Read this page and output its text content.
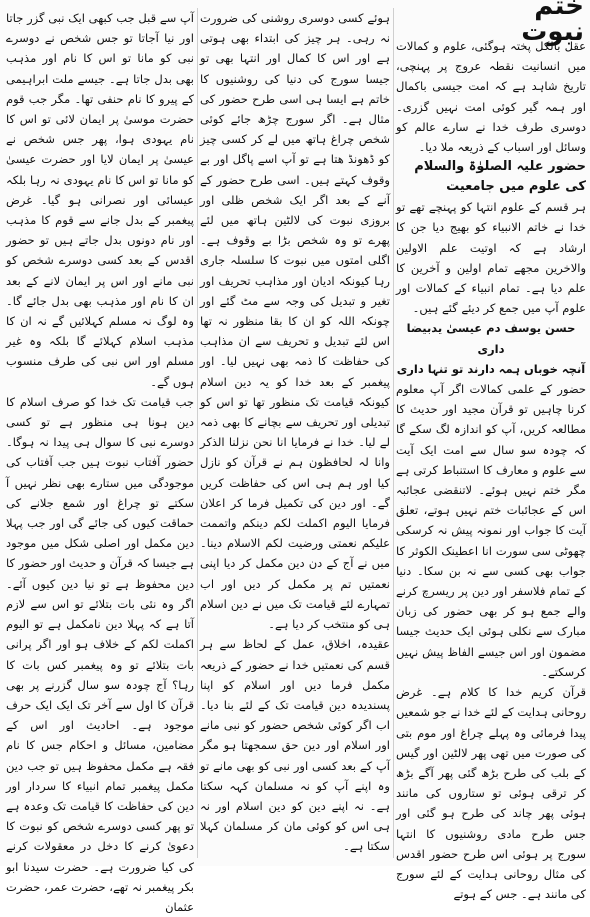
ختم نبوت

عقل بالکل پختہ ہوگئی، علوم و کمالات میں انسانیت نقطہ عروج پر پہنچی، تاریخ شاہد ہے کہ امت جیسی باکمال اور ہمہ گیر کوئی امت نہیں گزری۔ دوسری طرف خدا نے سارے عالم کو وسائل اور اسباب کے ذریعہ ملا دیا۔

حضور علیہ الصلوٰۃ والسلام کی علوم میں جامعیت

ہر قسم کے علوم انتہا کو پہنچے تھے تو خدا نے خاتم الانبیاء کو بھیج دیا جن کا ارشاد ہے کہ اوتیت علم الاولین والاخرین مجھے تمام اولین و آخرین کا علم دیا ہے۔ تمام انبیاء کے کمالات اور علوم آپ میں جمع کر دیئے گئے ہیں۔

حسن یوسف دم عیسیٰ یدبیضا داری

آنچہ خوباں ہمہ دارند تو تنہا داری

حضور کے علمی کمالات اگر آپ معلوم کرنا چاہیں تو قرآن مجید اور حدیث کا مطالعہ کریں، آپ کو اندازہ لگ سکے گا کہ چودہ سو سال سے امت ایک آیت سے علوم و معارف کا استنباط کرتی ہے مگر ختم نہیں ہوئے۔ لاتنقضی عجائبہ اس کے عجائبات ختم نہیں ہوتے، تعلق آیت کا جواب اور نمونہ پیش نہ کرسکی چھوٹی سی سورت انا اعطینک الکوثر کا جواب بھی کسی سے نہ بن سکا۔ دنیا کے تمام فلاسفر اور دین پر ریسرچ کرنے والے جمع ہو کر بھی حضور کی زبان مبارک سے نکلی ہوئی ایک حدیث جیسا مضمون اور اس جیسے الفاظ پیش نہیں کرسکتے۔

قرآن کریم خدا کا کلام ہے۔ غرض روحانی ہدایت کے لئے خدا نے جو شمعیں پیدا فرمائی وہ پہلے چراغ اور موم بتی کی صورت میں تھی پھر لالٹین اور گیس کے بلب کی طرح بڑھ گئی پھر آگے بڑھ کر ترقی ہوئی تو ستاروں کی مانند ہوئی پھر چاند کی طرح ہو گئی اور جس طرح مادی روشنیوں کا انتہا سورج پر ہوئی اس طرح حضور اقدس کی مثال روحانی ہدایت کے لئے سورج کی مانند ہے۔ جس کے ہوتے

ہوئے کسی دوسری روشنی کی ضرورت نہ رہی۔ ہر چیز کی ابتداء بھی ہوتی ہے اور اس کا کمال اور انتہا بھی تو جیسا سورج کی دنیا کی روشنیوں کا خاتم ہے ایسا ہی اسی طرح حضور کی مثال ہے۔ اگر سورج چڑھ جائے کوئی شخص چراغ ہاتھ میں لے کر کسی چیز کو ڈھونڈ ھتا ہے تو آپ اسے پاگل اور بے وقوف کہتے ہیں۔ اسی طرح حضور کے آنے کے بعد اگر ایک شخص ظلی اور بروزی نبوت کی لالٹین ہاتھ میں لئے پھرے تو وہ شخص بڑا بے وقوف ہے۔ اگلی امتوں میں نبوت کا سلسلہ جاری رہا کیونکہ ادیان اور مذاہب تحریف اور تغیر و تبدیل کی وجہ سے مٹ گئے اور چونکہ اللہ کو ان کا بقا منظور نہ تھا اس لئے تبدیل و تحریف سے ان مذاہب کی حفاظت کا ذمہ بھی نہیں لیا۔ اور پیغمبر کے بعد خدا کو یہ دین اسلام کیونکہ قیامت تک منظور تھا تو اس کو تبدیلی اور تحریف سے بچانے کا بھی ذمہ لے لیا۔ خدا نے فرمایا انا نحن نزلنا الذکر وانا لہ لحافظون ہم نے قرآن کو نازل کیا اور ہم ہی اس کی حفاظت کریں گے۔ اور دین کی تکمیل فرما کر اعلان فرمایا الیوم اکملت لکم دینکم واتممت علیکم نعمتی ورضیت لکم الاسلام دینا۔ میں نے آج کے دن دین مکمل کر دیا اپنی نعمتیں تم پر مکمل کر دیں اور اب تمہارے لئے قیامت تک میں نے دین اسلام ہی کو منتخب کر دیا ہے۔

عقیدہ، اخلاق، عمل کے لحاظ سے ہر قسم کی نعمتیں خدا نے حضور کے ذریعہ مکمل فرما دیں اور اسلام کو اپنا پسندیدہ دین قیامت تک کے لئے بنا دیا۔ اب اگر کوئی شخص حضور کو نبی مانے اور اسلام اور دین حق سمجھتا ہو مگر آپ کے بعد کسی اور نبی کو بھی مانے تو وہ اپنے آپ کو نہ مسلمان کہہ سکتا ہے۔ نہ اپنے دین کو دین اسلام اور نہ ہی اس کو کوئی مان کر مسلمان کہلا سکتا ہے۔

آپ سے قبل جب کبھی ایک نبی گزر جاتا اور نیا آجاتا تو جس شخص نے دوسرے نبی کو مانا تو اس کا نام اور مذہب بھی بدل جاتا ہے۔ جیسے ملت ابراہیمی کے پیرو کا نام حنفی تھا۔ مگر جب قوم حضرت موسیٰ پر ایمان لائی تو اس کا نام یہودی ہوا، پھر جس شخص نے عیسیٰ پر ایمان لایا اور حضرت عیسیٰ کو مانا تو اس کا نام یہودی نہ رہا بلکہ عیسائی اور نصرانی ہو گیا۔ غرض پیغمبر کے بدل جانے سے قوم کا مذہب اور نام دونوں بدل جاتے ہیں تو حضور اقدس کے بعد کسی دوسرے شخص کو نبی مانے اور اس پر ایمان لانے کے بعد ان کا نام اور مذہب بھی بدل جائے گا۔ وہ لوگ نہ مسلم کہلائیں گے نہ ان کا مذہب اسلام کہلائے گا بلکہ وہ غیر مسلم اور اس نبی کی طرف منسوب ہوں گے۔

جب قیامت تک خدا کو صرف اسلام کا دین ہونا ہی منظور ہے تو کسی دوسرے نبی کا سوال ہی پیدا نہ ہوگا۔ حضور آفتاب نبوت ہیں جب آفتاب کی موجودگی میں ستارے بھی نظر نہیں آ سکتے تو چراغ اور شمع جلانے کی حماقت کیوں کی جائے گی اور جب پہلا دین مکمل اور اصلی شکل میں موجود ہے جیسا کہ قرآن و حدیث اور حضور کا دین محفوظ ہے تو نیا دین کیوں آئے۔ اگر وہ نئی بات بتلائے تو اس سے لازم آتا ہے کہ پہلا دین نامکمل ہے تو الیوم اکملت لکم کے خلاف ہو اور اگر پرانی بات بتلائے تو وہ پیغمبر کس بات کا رہا؟ آج چودہ سو سال گزرنے پر بھی قرآن کا اول سے آخر تک ایک ایک حرف موجود ہے۔ احادیث اور اس کے مضامین، مسائل و احکام جس کا نام فقہ ہے مکمل محفوظ ہیں تو جب دین مکمل پیغمبر تمام انبیاء کا سردار اور دین کی حفاظت کا قیامت تک وعدہ ہے تو پھر کسی دوسرے شخص کو نبوت کا دعویٰ کرنے کا دخل در معقولات کرنے کی کیا ضرورت ہے۔ حضرت سیدنا ابو بکر پیغمبر نہ تھے، حضرت عمر، حضرت عثمان
